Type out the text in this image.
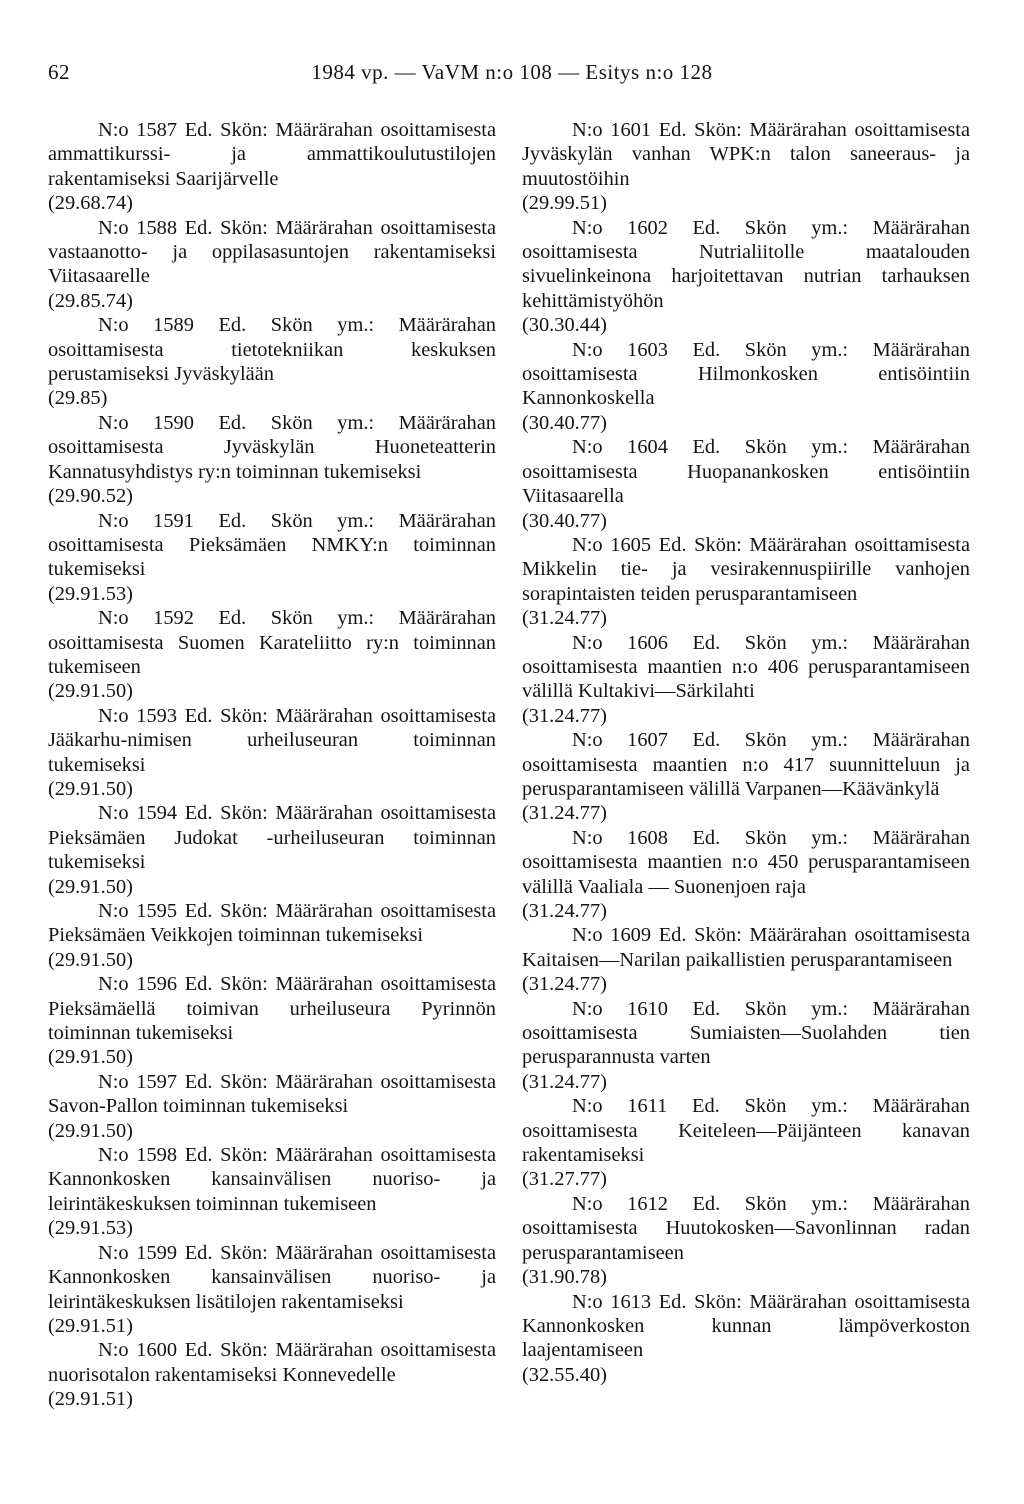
62	1984 vp. — VaVM n:o 108 — Esitys n:o 128
N:o 1587 Ed. Skön: Määrärahan osoittamisesta ammattikurssi- ja ammattikoulutustilojen rakentamiseksi Saarijärvelle
(29.68.74)
N:o 1588 Ed. Skön: Määrärahan osoittamisesta vastaanotto- ja oppilasasuntojen rakentamiseksi Viitasaarelle
(29.85.74)
N:o 1589 Ed. Skön ym.: Määrärahan osoittamisesta tietotekniikan keskuksen perustamiseksi Jyväskylään
(29.85)
N:o 1590 Ed. Skön ym.: Määrärahan osoittamisesta Jyväskylän Huoneteatterin Kannatusyhdistys ry:n toiminnan tukemiseksi
(29.90.52)
N:o 1591 Ed. Skön ym.: Määrärahan osoittamisesta Pieksämäen NMKY:n toiminnan tukemiseksi
(29.91.53)
N:o 1592 Ed. Skön ym.: Määrärahan osoittamisesta Suomen Karateliitto ry:n toiminnan tukemiseen
(29.91.50)
N:o 1593 Ed. Skön: Määrärahan osoittamisesta Jääkarhu-nimisen urheiluseuran toiminnan tukemiseksi
(29.91.50)
N:o 1594 Ed. Skön: Määrärahan osoittamisesta Pieksämäen Judokat -urheiluseuran toiminnan tukemiseksi
(29.91.50)
N:o 1595 Ed. Skön: Määrärahan osoittamisesta Pieksämäen Veikkojen toiminnan tukemiseksi
(29.91.50)
N:o 1596 Ed. Skön: Määrärahan osoittamisesta Pieksämäellä toimivan urheiluseura Pyrinnön toiminnan tukemiseksi
(29.91.50)
N:o 1597 Ed. Skön: Määrärahan osoittamisesta Savon-Pallon toiminnan tukemiseksi
(29.91.50)
N:o 1598 Ed. Skön: Määrärahan osoittamisesta Kannonkosken kansainvälisen nuoriso- ja leirintäkeskuksen toiminnan tukemiseen
(29.91.53)
N:o 1599 Ed. Skön: Määrärahan osoittamisesta Kannonkosken kansainvälisen nuoriso- ja leirintäkeskuksen lisätilojen rakentamiseksi
(29.91.51)
N:o 1600 Ed. Skön: Määrärahan osoittamisesta nuorisotalon rakentamiseksi Konnevedelle
(29.91.51)
N:o 1601 Ed. Skön: Määrärahan osoittamisesta Jyväskylän vanhan WPK:n talon saneeraus- ja muutostöihin
(29.99.51)
N:o 1602 Ed. Skön ym.: Määrärahan osoittamisesta Nutrialiitolle maatalouden sivuelinkeinona harjoitettavan nutrian tarhauksen kehittämistyöhön
(30.30.44)
N:o 1603 Ed. Skön ym.: Määrärahan osoittamisesta Hilmonkosken entisöintiin Kannonkoskella
(30.40.77)
N:o 1604 Ed. Skön ym.: Määrärahan osoittamisesta Huopanankosken entisöintiin Viitasaarella
(30.40.77)
N:o 1605 Ed. Skön: Määrärahan osoittamisesta Mikkelin tie- ja vesirakennuspiirille vanhojen sorapintaisten teiden perusparantamiseen
(31.24.77)
N:o 1606 Ed. Skön ym.: Määrärahan osoittamisesta maantien n:o 406 perusparantamiseen välillä Kultakivi—Särkilahti
(31.24.77)
N:o 1607 Ed. Skön ym.: Määrärahan osoittamisesta maantien n:o 417 suunnitteluun ja perusparantamiseen välillä Varpanen—Käävänkylä
(31.24.77)
N:o 1608 Ed. Skön ym.: Määrärahan osoittamisesta maantien n:o 450 perusparantamiseen välillä Vaaliala — Suonenjoen raja
(31.24.77)
N:o 1609 Ed. Skön: Määrärahan osoittamisesta Kaitaisen—Narilan paikallistien perusparantamiseen
(31.24.77)
N:o 1610 Ed. Skön ym.: Määrärahan osoittamisesta Sumiaisten—Suolahden tien perusparannusta varten
(31.24.77)
N:o 1611 Ed. Skön ym.: Määrärahan osoittamisesta Keiteleen—Päijänteen kanavan rakentamiseksi
(31.27.77)
N:o 1612 Ed. Skön ym.: Määrärahan osoittamisesta Huutokosken—Savonlinnan radan perusparantamiseen
(31.90.78)
N:o 1613 Ed. Skön: Määrärahan osoittamisesta Kannonkosken kunnan lämpöverkoston laajentamiseen
(32.55.40)
